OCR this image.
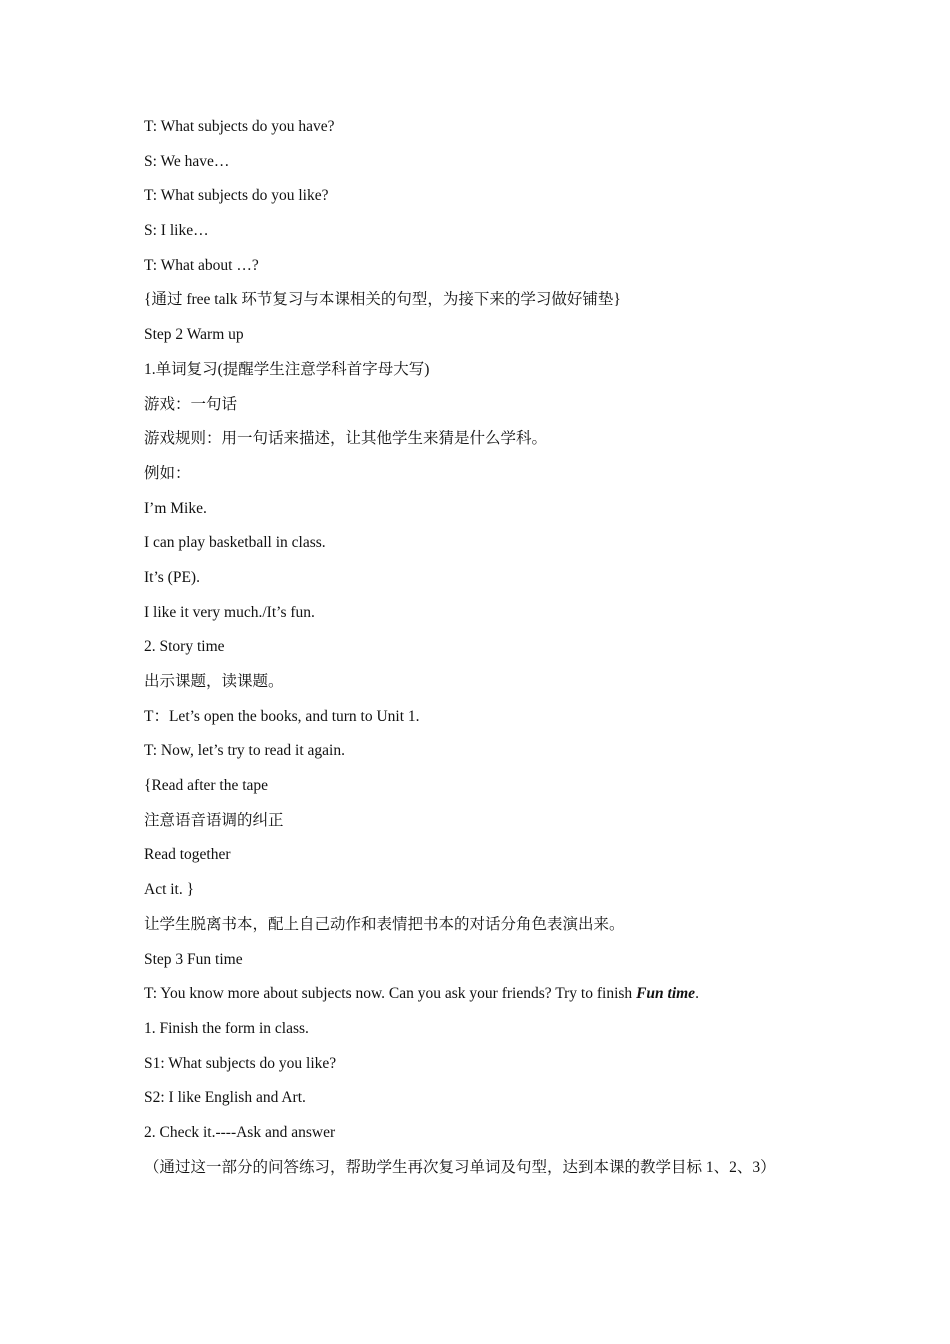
T: What subjects do you have?
S: We have…
T: What subjects do you like?
S: I like…
T: What about …?
{通过 free talk 环节复习与本课相关的句型，为接下来的学习做好铺垫}
Step 2 Warm up
1.单词复习(提醒学生注意学科首字母大写)
游戏：一句话
游戏规则：用一句话来描述，让其他学生来猜是什么学科。
例如：
I’m Mike.
I can play basketball in class.
It’s (PE).
I like it very much./It’s fun.
2. Story time
出示课题，读课题。
T：Let’s open the books, and turn to Unit 1.
T: Now, let’s try to read it again.
{Read after the tape
注意语音语调的纠正
Read together
Act it. }
让学生脱离书本，配上自己动作和表情把书本的对话分角色表演出来。
Step 3 Fun time
T: You know more about subjects now. Can you ask your friends? Try to finish Fun time.
1. Finish the form in class.
S1: What subjects do you like?
S2: I like English and Art.
2. Check it.----Ask and answer
（通过这一部分的问答练习，帮助学生再次复习单词及句型，达到本课的教学目标 1、2、3）
